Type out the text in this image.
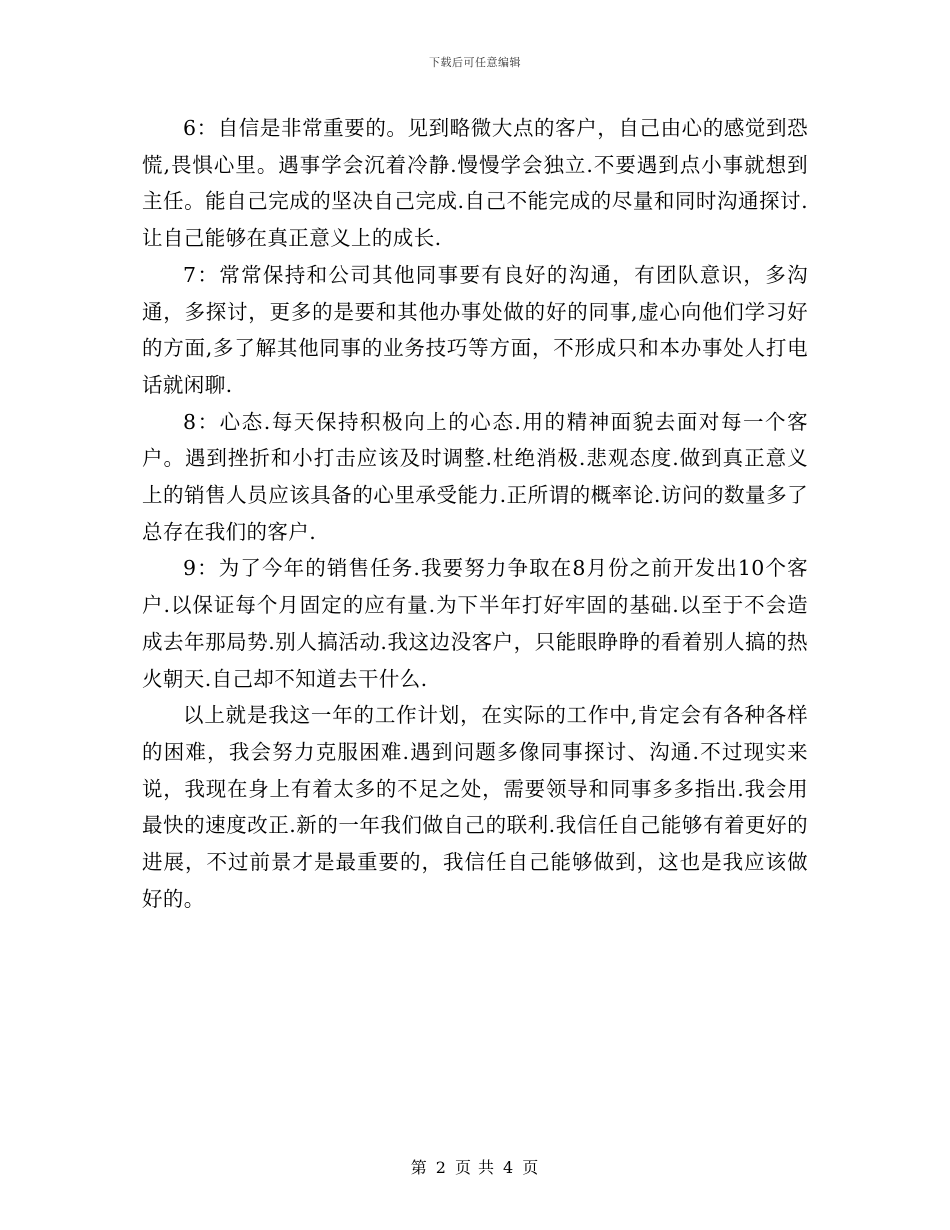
下载后可任意编辑

6：自信是非常重要的。见到略微大点的客户，自己由心的感觉到恐慌,畏惧心里。遇事学会沉着冷静.慢慢学会独立.不要遇到点小事就想到主任。能自己完成的坚决自己完成.自己不能完成的尽量和同时沟通探讨.让自己能够在真正意义上的成长.

7：常常保持和公司其他同事要有良好的沟通，有团队意识，多沟通，多探讨，更多的是要和其他办事处做的好的同事,虚心向他们学习好的方面,多了解其他同事的业务技巧等方面，不形成只和本办事处人打电话就闲聊.

8：心态.每天保持积极向上的心态.用的精神面貌去面对每一个客户。遇到挫折和小打击应该及时调整.杜绝消极.悲观态度.做到真正意义上的销售人员应该具备的心里承受能力.正所谓的概率论.访问的数量多了总存在我们的客户.

9：为了今年的销售任务.我要努力争取在8月份之前开发出10个客户.以保证每个月固定的应有量.为下半年打好牢固的基础.以至于不会造成去年那局势.别人搞活动.我这边没客户，只能眼睁睁的看着别人搞的热火朝天.自己却不知道去干什么.

以上就是我这一年的工作计划，在实际的工作中,肯定会有各种各样的困难，我会努力克服困难.遇到问题多像同事探讨、沟通.不过现实来说，我现在身上有着太多的不足之处，需要领导和同事多多指出.我会用最快的速度改正.新的一年我们做自己的联利.我信任自己能够有着更好的进展，不过前景才是最重要的，我信任自己能够做到，这也是我应该做好的。

第 2 页 共 4 页
